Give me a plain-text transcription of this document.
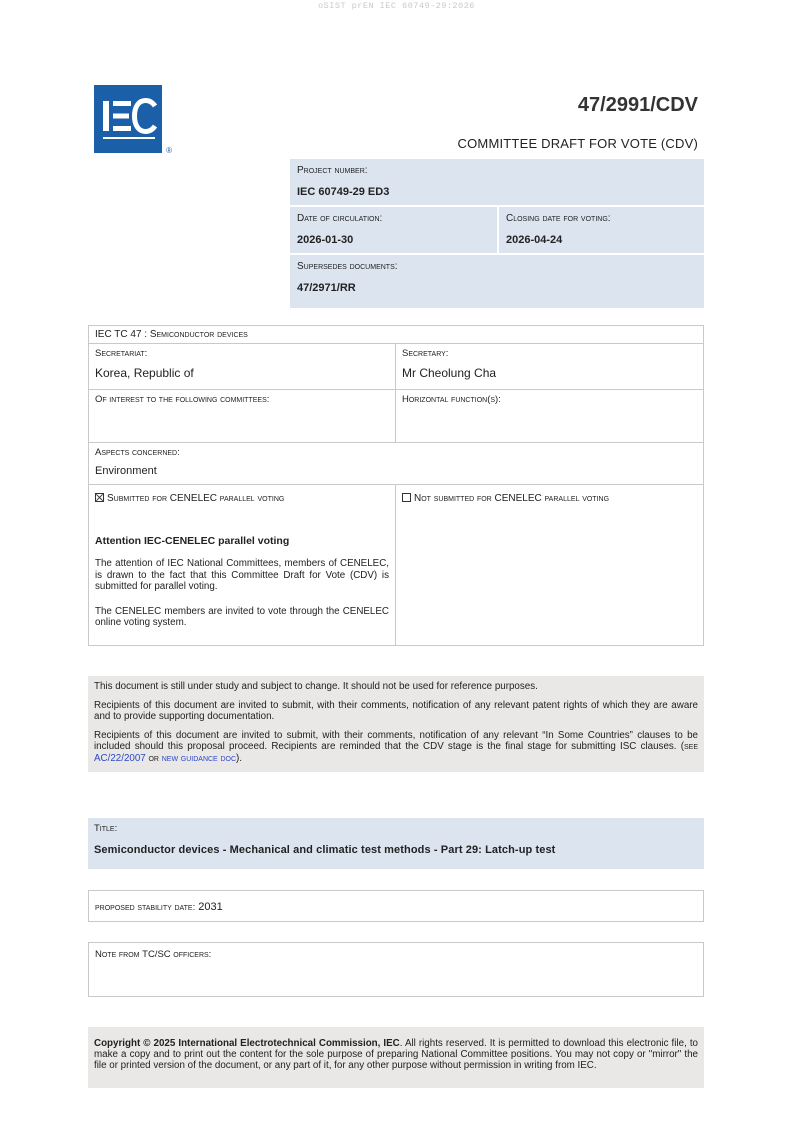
oSIST prEN IEC 60749-29:2026
®
47/2991/CDV
COMMITTEE DRAFT FOR VOTE (CDV)
Project number:
IEC 60749-29 ED3
Date of circulation:
2026-01-30
Closing date for voting:
2026-04-24
Supersedes documents:
47/2971/RR
IEC TC 47 : Semiconductor devices
Secretariat:
Korea, Republic of
Secretary:
Mr Cheolung Cha
Of interest to the following committees:	Horizontal function(s):
Aspects concerned:
Environment
Submitted for CENELEC parallel voting
Attention IEC-CENELEC parallel voting
The attention of IEC National Committees, members of CENELEC, is drawn to the fact that this Committee Draft for Vote (CDV) is submitted for parallel voting.
The CENELEC members are invited to vote through the CENELEC online voting system.
Not submitted for CENELEC parallel voting

This document is still under study and subject to change. It should not be used for reference purposes.

Recipients of this document are invited to submit, with their comments, notification of any relevant patent rights of which they are aware and to provide supporting documentation.

Recipients of this document are invited to submit, with their comments, notification of any relevant “In Some Countries” clauses to be included should this proposal proceed. Recipients are reminded that the CDV stage is the final stage for submitting ISC clauses. (see AC/22/2007 or new guidance doc).

Title:
Semiconductor devices - Mechanical and climatic test methods - Part 29: Latch-up test
proposed stability date: 2031
Note from TC/SC officers:
Copyright © 2025 International Electrotechnical Commission, IEC. All rights reserved. It is permitted to download this electronic file, to make a copy and to print out the content for the sole purpose of preparing National Committee positions. You may not copy or "mirror" the file or printed version of the document, or any part of it, for any other purpose without permission in writing from IEC.
